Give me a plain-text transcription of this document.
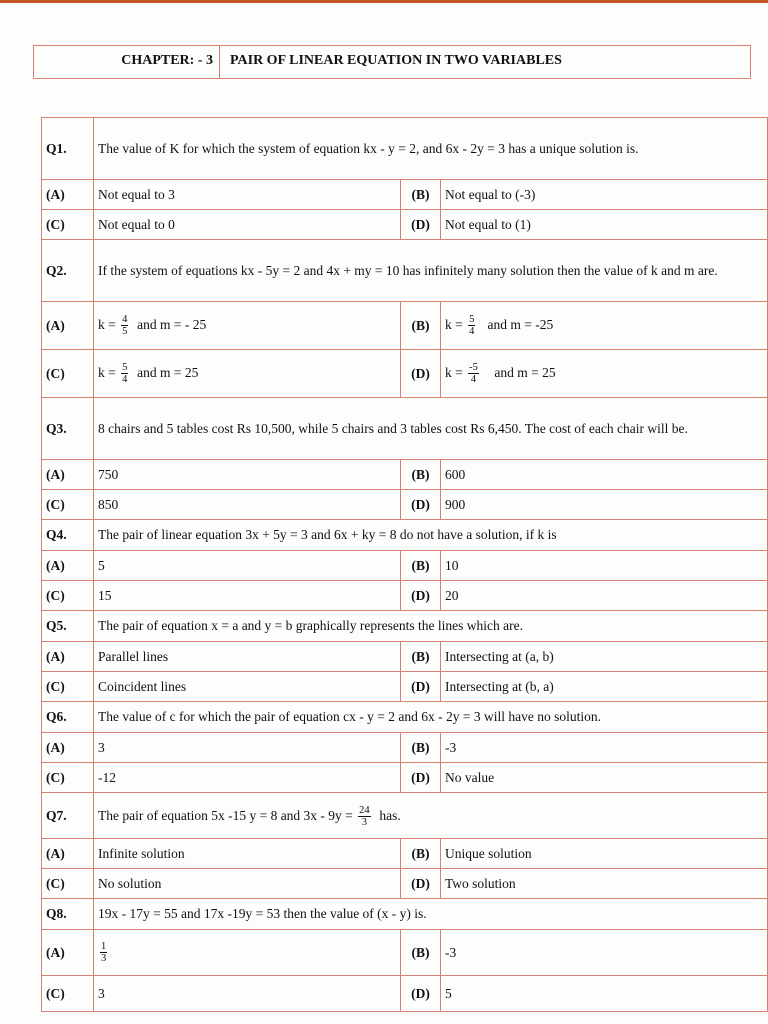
CHAPTER: - 3	PAIR OF LINEAR EQUATION IN TWO VARIABLES
Q1.	The value of K for which the system of equation kx - y = 2, and 6x - 2y = 3 has a unique solution is.		
(A)	Not equal to 3	(B)	Not equal to (-3)
(C)	Not equal to 0	(D)	Not equal to (1)
Q2.	If the system of equations kx - 5y = 2 and 4x + my = 10 has infinitely many solution then the value of k and m are.		
(A)	$k = \frac{4}{5}$ and m = - 25	(B)	$k = \frac{5}{4}$ and m = -25
(C)	$k = \frac{5}{4}$ and m = 25	(D)	$k = \frac{-5}{4}$ and m = 25
Q3.	8 chairs and 5 tables cost Rs 10,500, while 5 chairs and 3 tables cost Rs 6,450. The cost of each chair will be.		
(A)	750	(B)	600
(C)	850	(D)	900
Q4.	The pair of linear equation 3x + 5y = 3 and 6x + ky = 8 do not have a solution, if k is		
(A)	5	(B)	10
(C)	15	(D)	20
Q5.	The pair of equation x = a and y = b graphically represents the lines which are.		
(A)	Parallel lines	(B)	Intersecting at (a, b)
(C)	Coincident lines	(D)	Intersecting at (b, a)
Q6.	The value of c for which the pair of equation cx - y = 2 and 6x - 2y = 3 will have no solution.		
(A)	3	(B)	-3
(C)	-12	(D)	No value
Q7.	The pair of equation 5x -15 y = 8 and $3x - 9y = \frac{24}{3}$ has.		
(A)	Infinite solution	(B)	Unique solution
(C)	No solution	(D)	Two solution
Q8.	19x - 17y = 55 and 17x -19y = 53 then the value of (x - y) is.		
(A)	$\frac{1}{3}$	(B)	-3
(C)	3	(D)	5
